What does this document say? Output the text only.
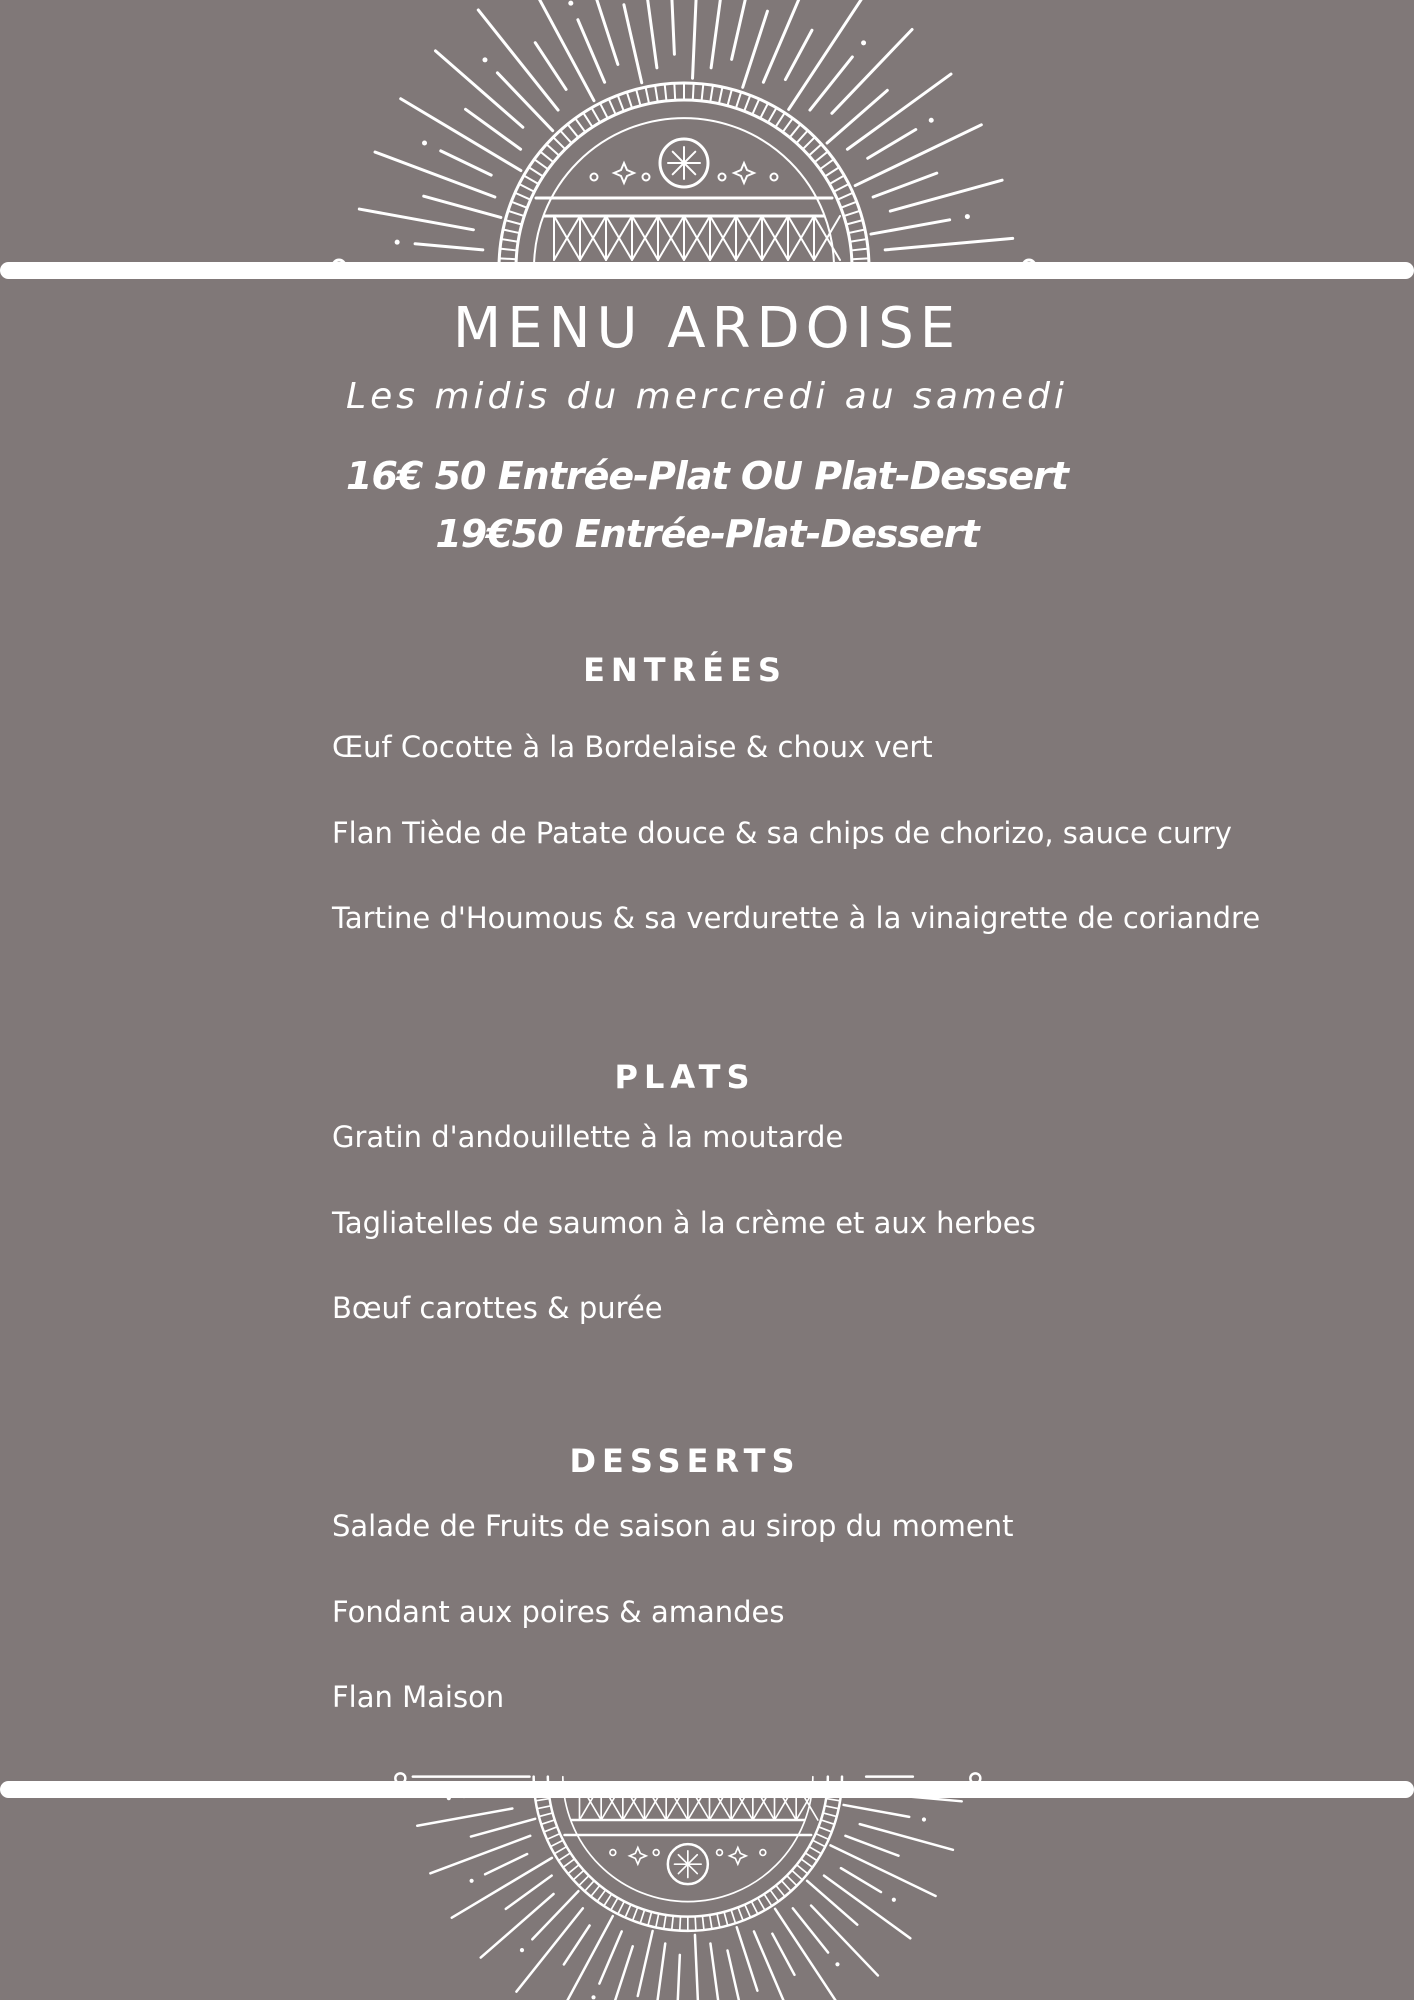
MENU ARDOISE
Les midis du mercredi au samedi
16€ 50 Entrée-Plat OU Plat-Dessert
19€50 Entrée-Plat-Dessert
ENTRÉES
Œuf Cocotte à la Bordelaise & choux vert
Flan Tiède de Patate douce & sa chips de chorizo, sauce curry
Tartine d'Houmous & sa verdurette à la vinaigrette de coriandre
PLATS
Gratin d'andouillette à la moutarde
Tagliatelles de saumon à la crème et aux herbes
Bœuf carottes & purée
DESSERTS
Salade de Fruits de saison au sirop du moment
Fondant aux poires & amandes
Flan Maison
